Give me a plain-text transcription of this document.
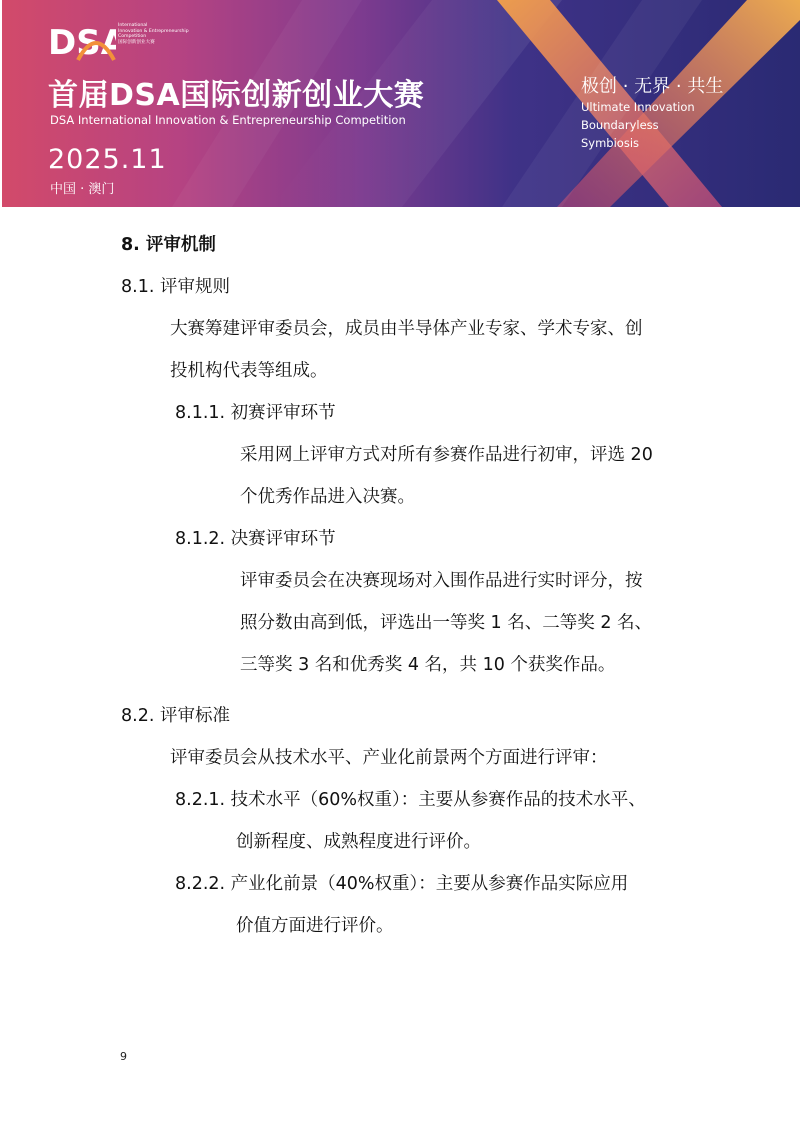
DSA
International
Innovation & Entrepreneurship
Competition
国际创新创业大赛
首届DSA国际创新创业大赛
DSA International Innovation & Entrepreneurship Competition
2025.11
中国 · 澳门
极创 · 无界 · 共生
Ultimate Innovation
Boundaryless
Symbiosis
8. 评审机制
8.1. 评审规则
大赛筹建评审委员会，成员由半导体产业专家、学术专家、创
投机构代表等组成。
8.1.1. 初赛评审环节
采用网上评审方式对所有参赛作品进行初审，评选 20
个优秀作品进入决赛。
8.1.2. 决赛评审环节
评审委员会在决赛现场对入围作品进行实时评分，按
照分数由高到低，评选出一等奖 1 名、二等奖 2 名、
三等奖 3 名和优秀奖 4 名，共 10 个获奖作品。
8.2. 评审标准
评审委员会从技术水平、产业化前景两个方面进行评审：
8.2.1. 技术水平（60%权重）：主要从参赛作品的技术水平、
创新程度、成熟程度进行评价。
8.2.2. 产业化前景（40%权重）：主要从参赛作品实际应用
价值方面进行评价。
9
